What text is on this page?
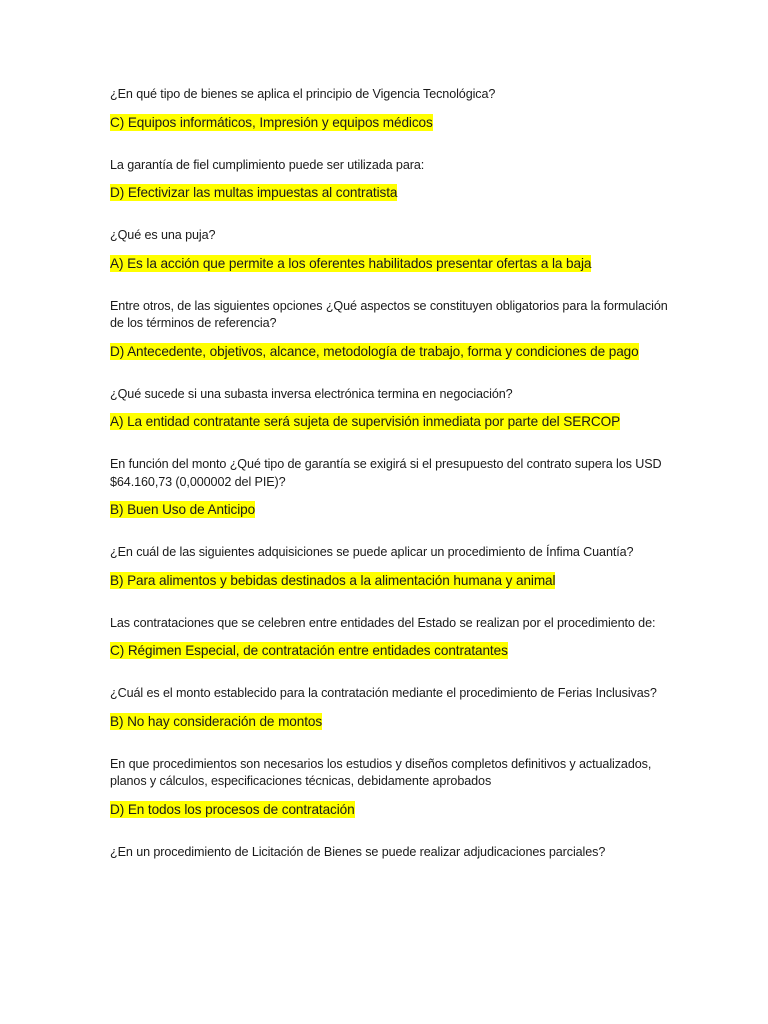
¿En qué tipo de bienes se aplica el principio de Vigencia Tecnológica?

C) Equipos informáticos, Impresión y equipos médicos

La garantía de fiel cumplimiento puede ser utilizada para:

D) Efectivizar las multas impuestas al contratista

¿Qué es una puja?

A) Es la acción que permite a los oferentes habilitados presentar ofertas a la baja

Entre otros, de las siguientes opciones ¿Qué aspectos se constituyen obligatorios para la formulación de los términos de referencia?

D) Antecedente, objetivos, alcance, metodología de trabajo, forma y condiciones de pago

¿Qué sucede si una subasta inversa electrónica termina en negociación?

A) La entidad contratante será sujeta de supervisión inmediata por parte del SERCOP

En función del monto ¿Qué tipo de garantía se exigirá si el presupuesto del contrato supera los USD $64.160,73 (0,000002 del PIE)?

B) Buen Uso de Anticipo

¿En cuál de las siguientes adquisiciones se puede aplicar un procedimiento de Ínfima Cuantía?

B) Para alimentos y bebidas destinados a la alimentación humana y animal

Las contrataciones que se celebren entre entidades del Estado se realizan por el procedimiento de:

C) Régimen Especial, de contratación entre entidades contratantes

¿Cuál es el monto establecido para la contratación mediante el procedimiento de Ferias Inclusivas?

B) No hay consideración de montos

En que procedimientos son necesarios los estudios y diseños completos definitivos y actualizados, planos y cálculos, especificaciones técnicas, debidamente aprobados

D) En todos los procesos de contratación

¿En un procedimiento de Licitación de Bienes se puede realizar adjudicaciones parciales?
